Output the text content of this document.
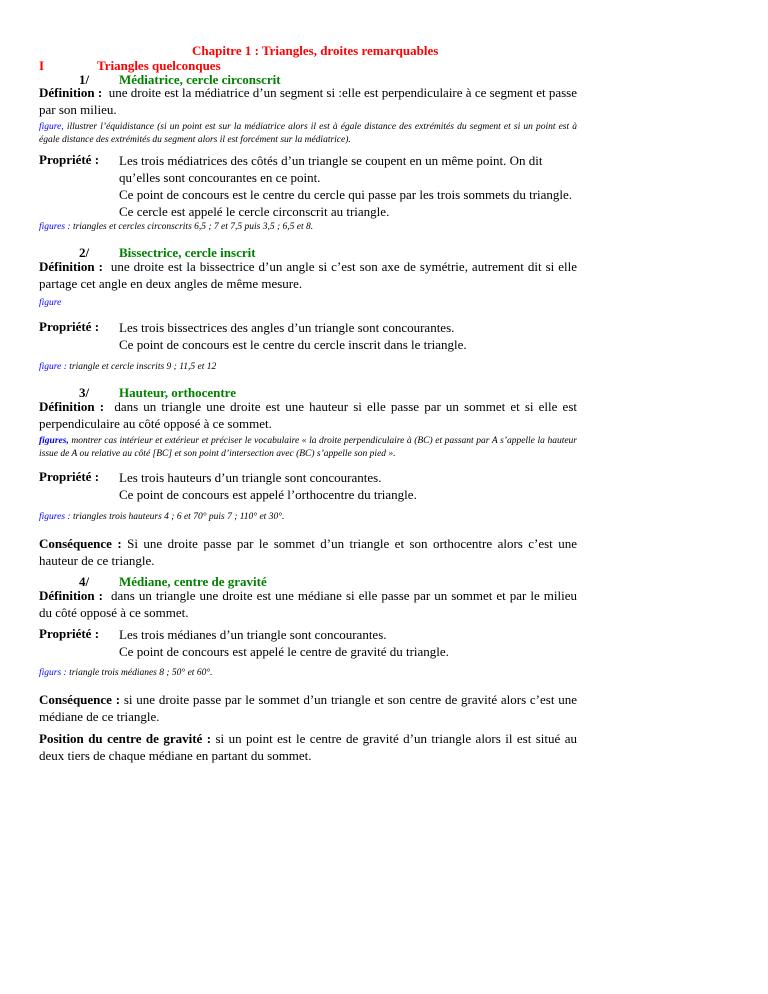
Chapitre 1 : Triangles, droites remarquables
I	Triangles quelconques
1/ Médiatrice, cercle circonscrit
Définition : une droite est la médiatrice d’un segment si :elle est perpendiculaire à ce segment et passe par son milieu.
figure, illustrer l’équidistance (si un point est sur la médiatrice alors il est à égale distance des extrémités du segment et si un point est à égale distance des extrémités du segment alors il est forcément sur la médiatrice).
Propriété : Les trois médiatrices des côtés d’un triangle se coupent en un même point. On dit qu’elles sont concourantes en ce point.
Ce point de concours est le centre du cercle qui passe par les trois sommets du triangle.
Ce cercle est appelé le cercle circonscrit au triangle.
figures : triangles et cercles circonscrits 6,5 ; 7 et 7,5 puis 3,5 ; 6,5 et 8.
2/ Bissectrice, cercle inscrit
Définition : une droite est la bissectrice d’un angle si c’est son axe de symétrie, autrement dit si elle partage cet angle en deux angles de même mesure.
figure
Propriété : Les trois bissectrices des angles d’un triangle sont concourantes.
Ce point de concours est le centre du cercle inscrit dans le triangle.
figure : triangle et cercle inscrits 9 ; 11,5 et 12
3/ Hauteur, orthocentre
Définition : dans un triangle une droite est une hauteur si elle passe par un sommet et si elle est perpendiculaire au côté opposé à ce sommet.
figures, montrer cas intérieur et extérieur et préciser le vocabulaire « la droite perpendiculaire à (BC) et passant par A s’appelle la hauteur issue de A ou relative au côté [BC] et son point d’intersection avec (BC) s’appelle son pied ».
Propriété : Les trois hauteurs d’un triangle sont concourantes.
Ce point de concours est appelé l’orthocentre du triangle.
figures : triangles trois hauteurs 4 ; 6 et 70° puis 7 ; 110° et 30°.
Conséquence : Si une droite passe par le sommet d’un triangle et son orthocentre alors c’est une hauteur de ce triangle.
4/ Médiane, centre de gravité
Définition : dans un triangle une droite est une médiane si elle passe par un sommet et par le milieu du côté opposé à ce sommet.
Propriété : Les trois médianes d’un triangle sont concourantes.
Ce point de concours est appelé le centre de gravité du triangle.
figurs : triangle trois médianes 8 ; 50° et 60°.
Conséquence : si une droite passe par le sommet d’un triangle et son centre de gravité alors c’est une médiane de ce triangle.
Position du centre de gravité : si un point est le centre de gravité d’un triangle alors il est situé au deux tiers de chaque médiane en partant du sommet.
